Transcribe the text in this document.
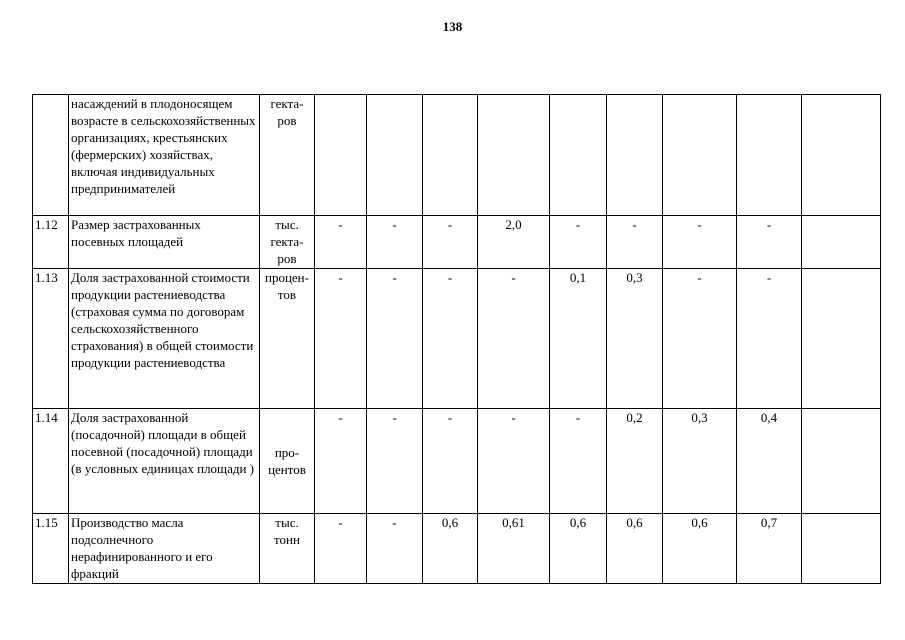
138
	насаждений в плодоносящем возрасте в сельскохозяйственных организациях, крестьянских (фермерских) хозяйствах, включая индивидуальных предпринимателей	гекта-
ров									
1.12	Размер застрахованных посевных площадей	тыс.
гекта-
ров	-	-	-	2,0	-	-	-	-	
1.13	Доля застрахованной стоимости продукции растениеводства (страховая сумма по договорам сельскохозяйственного страхования) в общей стоимости продукции растениеводства	процен-
тов	-	-	-	-	0,1	0,3	-	-	
1.14	Доля застрахованной (посадочной) площади в общей посевной (посадочной) площади (в условных единицах площади )	про-
центов	-	-	-	-	-	0,2	0,3	0,4	
1.15	Производство масла подсолнечного нерафинированного и его фракций	тыс.
тонн	-	-	0,6	0,61	0,6	0,6	0,6	0,7	
